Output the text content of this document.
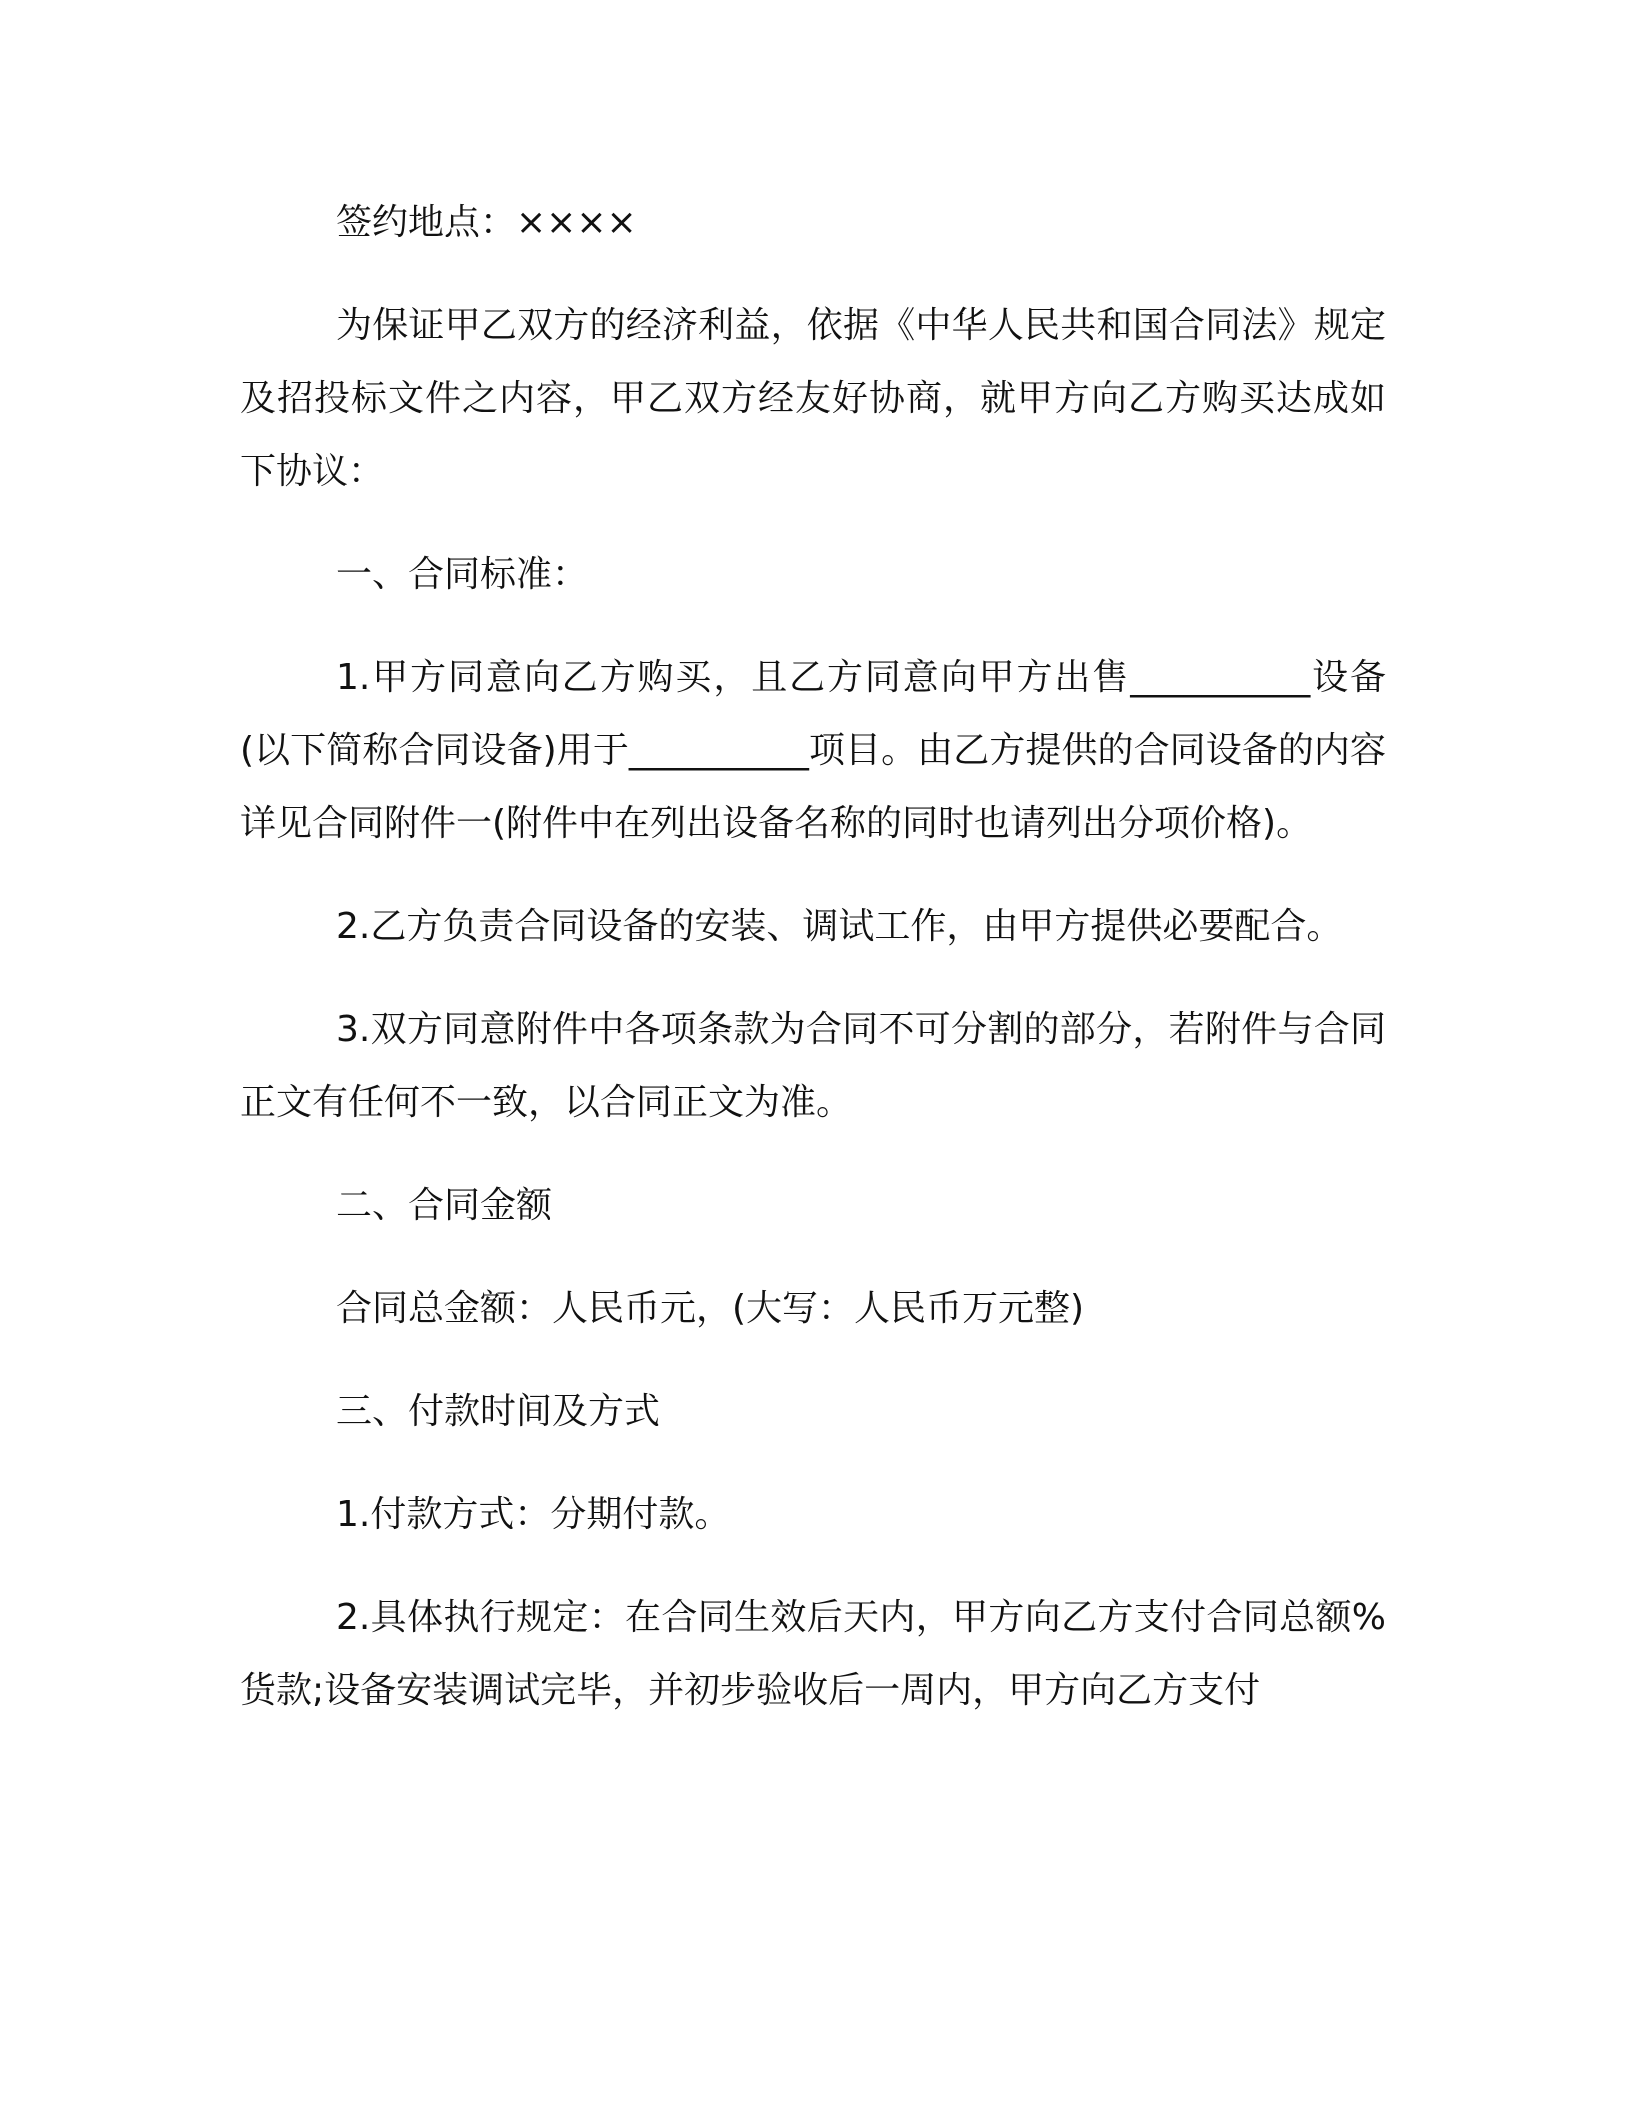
签约地点：××××

为保证甲乙双方的经济利益，依据《中华人民共和国合同法》规定及招投标文件之内容，甲乙双方经友好协商，就甲方向乙方购买达成如下协议：

一、合同标准：

1.甲方同意向乙方购买，且乙方同意向甲方出售__________设备(以下简称合同设备)用于__________项目。由乙方提供的合同设备的内容详见合同附件一(附件中在列出设备名称的同时也请列出分项价格)。

2.乙方负责合同设备的安装、调试工作，由甲方提供必要配合。

3.双方同意附件中各项条款为合同不可分割的部分，若附件与合同正文有任何不一致，以合同正文为准。

二、合同金额

合同总金额：人民币元，(大写：人民币万元整)

三、付款时间及方式

1.付款方式：分期付款。

2.具体执行规定：在合同生效后天内，甲方向乙方支付合同总额%货款;设备安装调试完毕，并初步验收后一周内，甲方向乙方支付
